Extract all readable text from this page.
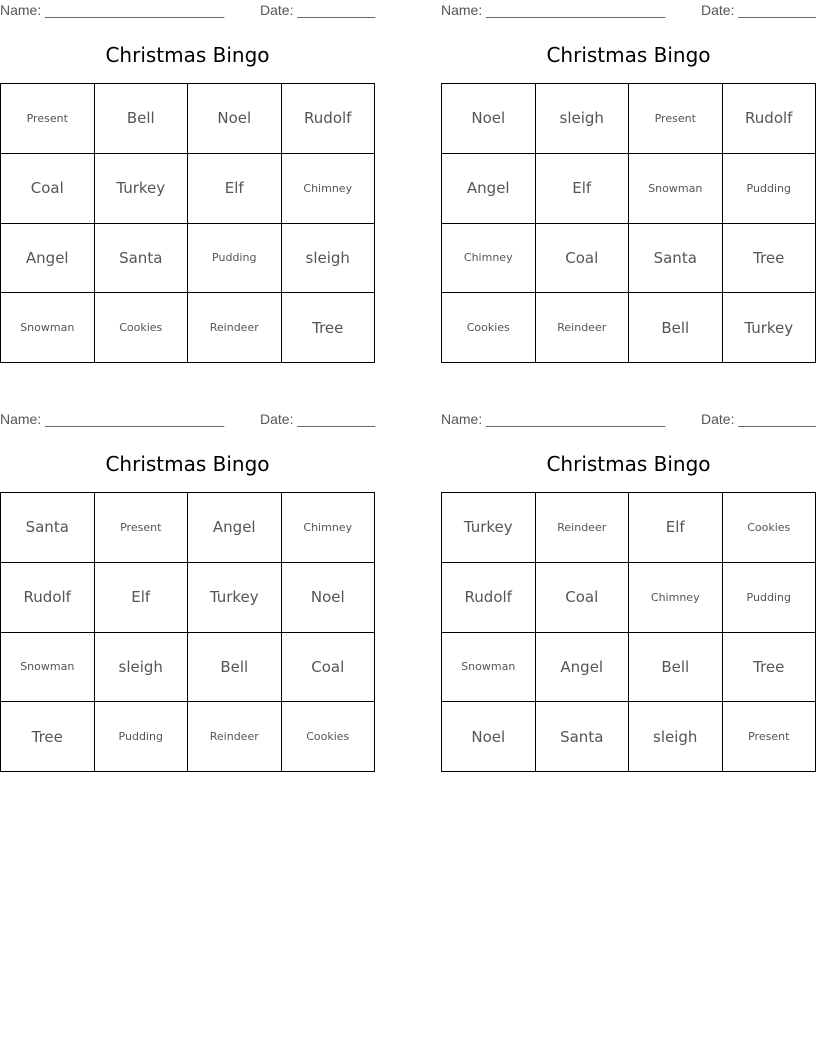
Name: _______________________	Date: __________
Christmas Bingo
Present	Bell	Noel	Rudolf
Coal	Turkey	Elf	Chimney
Angel	Santa	Pudding	sleigh
Snowman	Cookies	Reindeer	Tree
Name: _______________________	Date: __________
Christmas Bingo
Noel	sleigh	Present	Rudolf
Angel	Elf	Snowman	Pudding
Chimney	Coal	Santa	Tree
Cookies	Reindeer	Bell	Turkey
Name: _______________________	Date: __________
Christmas Bingo
Santa	Present	Angel	Chimney
Rudolf	Elf	Turkey	Noel
Snowman	sleigh	Bell	Coal
Tree	Pudding	Reindeer	Cookies
Name: _______________________	Date: __________
Christmas Bingo
Turkey	Reindeer	Elf	Cookies
Rudolf	Coal	Chimney	Pudding
Snowman	Angel	Bell	Tree
Noel	Santa	sleigh	Present
